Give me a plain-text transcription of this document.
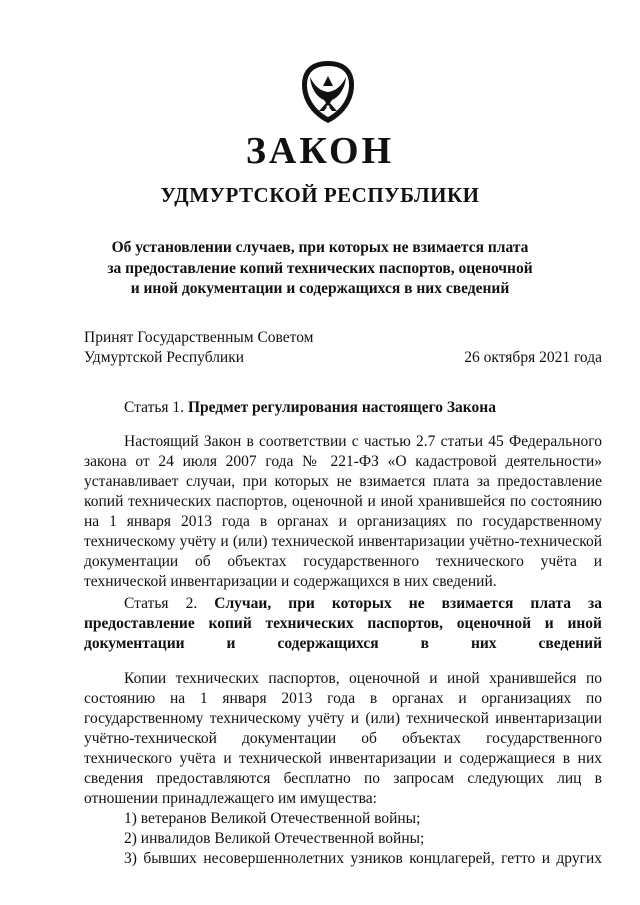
ЗАКОН
УДМУРТСКОЙ РЕСПУБЛИКИ
Об установлении случаев, при которых не взимается плата
за предоставление копий технических паспортов, оценочной
и иной документации и содержащихся в них сведений
Принят Государственным Советом
Удмуртской Республики	26 октября 2021 года
Статья 1. Предмет регулирования настоящего Закона

Настоящий Закон в соответствии с частью 2.7 статьи 45 Федерального закона от 24 июля 2007 года № 221-ФЗ «О кадастровой деятельности» устанавливает случаи, при которых не взимается плата за предоставление копий технических паспортов, оценочной и иной хранившейся по состоянию на 1 января 2013 года в органах и организациях по государственному техническому учёту и (или) технической инвентаризации учётно-технической документации об объектах государственного технического учёта и технической инвентаризации и содержащихся в них сведений.

Статья 2. Случаи, при которых не взимается плата за предоставление копий технических паспортов, оценочной и иной документации и содержащихся в них сведений

Копии технических паспортов, оценочной и иной хранившейся по состоянию на 1 января 2013 года в органах и организациях по государственному техническому учёту и (или) технической инвентаризации учётно-технической документации об объектах государственного технического учёта и технической инвентаризации и содержащиеся в них сведения предоставляются бесплатно по запросам следующих лиц в отношении принадлежащего им имущества:

1) ветеранов Великой Отечественной войны;
2) инвалидов Великой Отечественной войны;
3) бывших несовершеннолетних узников концлагерей, гетто и других
